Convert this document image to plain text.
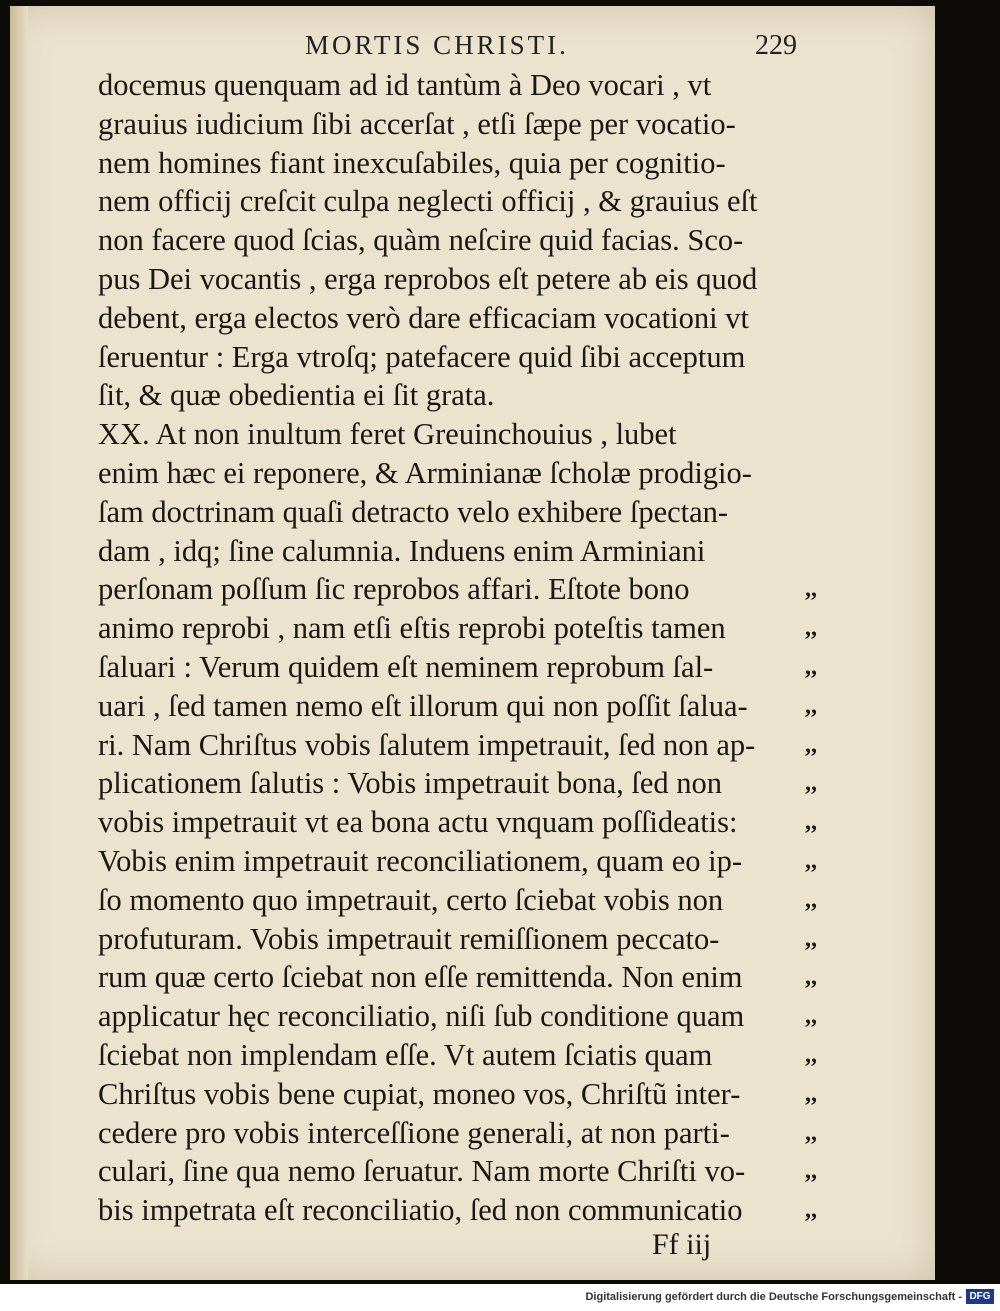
MORTIS CHRISTI.	229
docemus quenquam ad id tantùm à Deo vocari , vt
grauius iudicium ſibi accerſat , etſi ſæpe per vocatio-
nem homines fiant inexcuſabiles, quia per cognitio-
nem officij creſcit culpa neglecti officij , & grauius eſt
non facere quod ſcias, quàm neſcire quid facias. Sco-
pus Dei vocantis , erga reprobos eſt petere ab eis quod
debent, erga electos verò dare efficaciam vocationi vt
ſeruentur : Erga vtroſq; patefacere quid ſibi acceptum
ſit, & quæ obedientia ei ſit grata.
XX. At non inultum feret Greuinchouius , lubet
enim hæc ei reponere, & Arminianæ ſcholæ prodigio-
ſam doctrinam quaſi detracto velo exhibere ſpectan-
dam , idq; ſine calumnia. Induens enim Arminiani
perſonam poſſum ſic reprobos affari. Eſtote bono	,,
animo reprobi , nam etſi eſtis reprobi poteſtis tamen	,,
ſaluari : Verum quidem eſt neminem reprobum ſal-	,,
uari , ſed tamen nemo eſt illorum qui non poſſit ſalua- ,,
ri. Nam Chriſtus vobis ſalutem impetrauit, ſed non ap- ,,
plicationem ſalutis : Vobis impetrauit bona, ſed non	,,
vobis impetrauit vt ea bona actu vnquam poſſideatis:	,,
Vobis enim impetrauit reconciliationem, quam eo ip-	,,
ſo momento quo impetrauit, certo ſciebat vobis non	,,
profuturam. Vobis impetrauit remiſſionem peccato-	,,
rum quæ certo ſciebat non eſſe remittenda. Non enim	,,
applicatur hęc reconciliatio, niſi ſub conditione quam	,,
ſciebat non implendam eſſe. Vt autem ſciatis quam	,,
Chriſtus vobis bene cupiat, moneo vos, Chriſtũ inter-	,,
cedere pro vobis interceſſione generali, at non parti-	,,
culari, ſine qua nemo ſeruatur. Nam morte Chriſti vo- ,,
bis impetrata eſt reconciliatio, ſed non communicatio	,,
Ff iij
Digitalisierung gefördert durch die Deutsche Forschungsgemeinschaft - DFG
